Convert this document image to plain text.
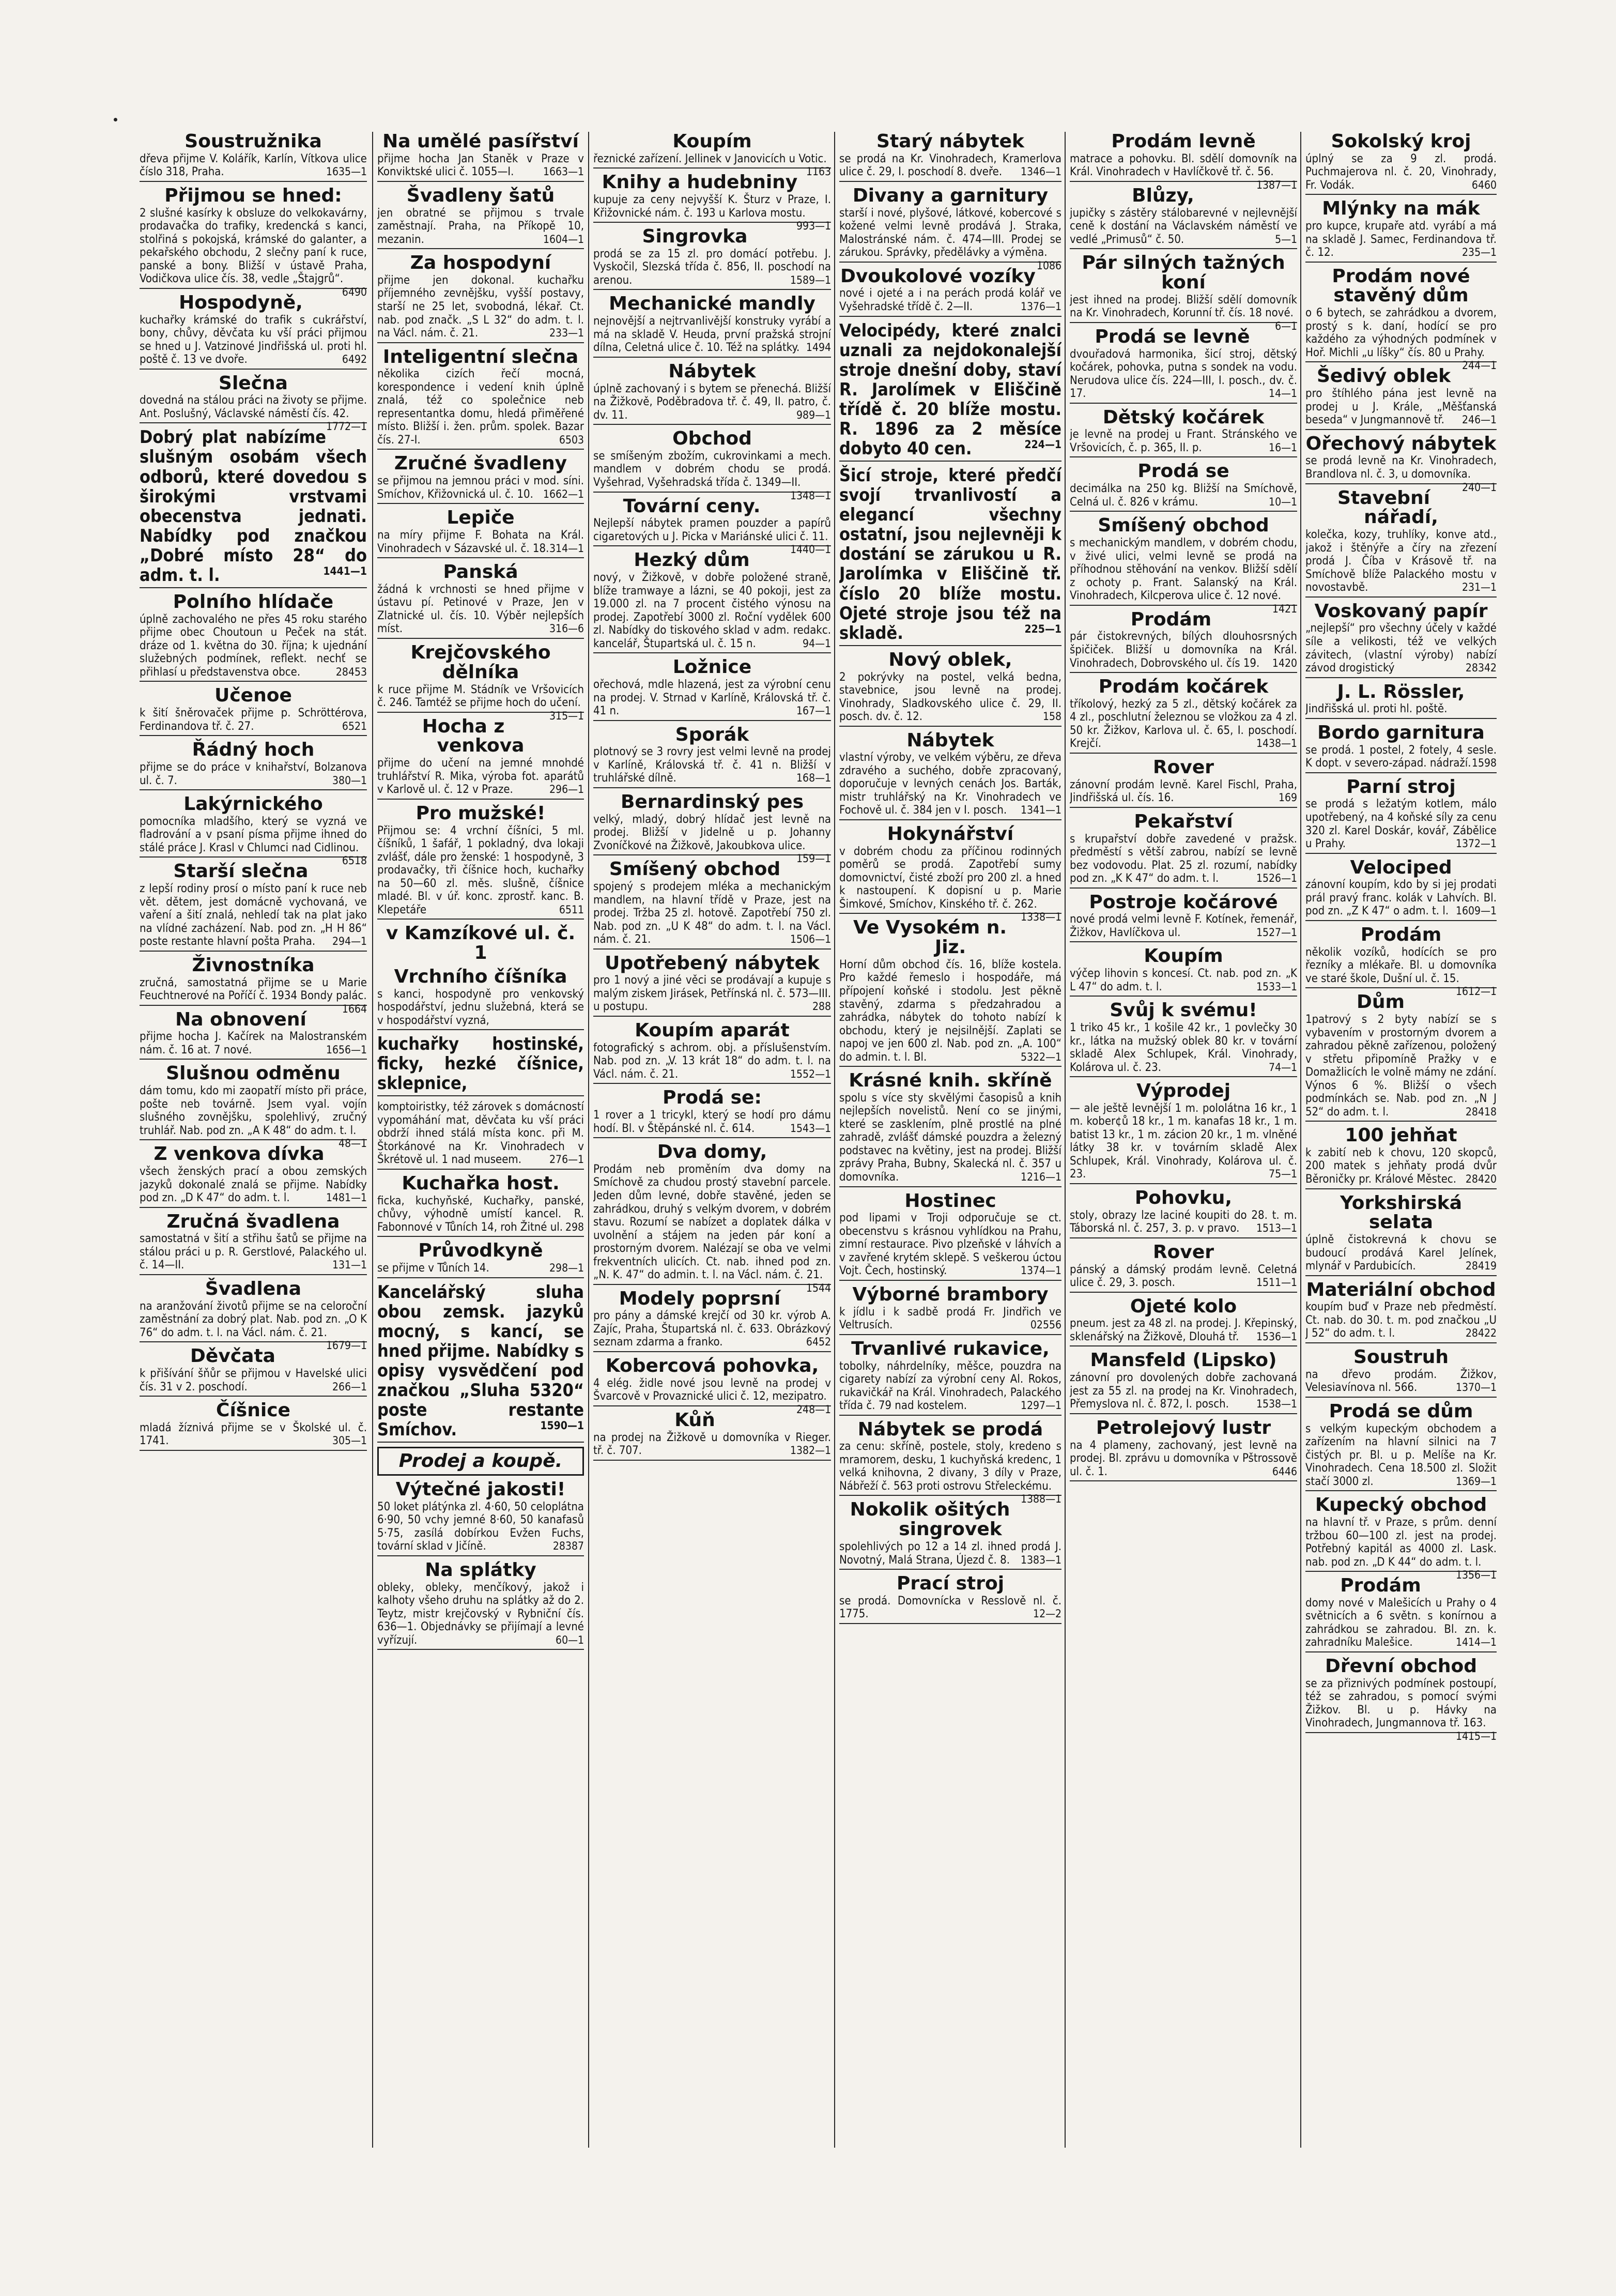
Soustružnika
dřeva přijme V. Kolářík, Karlín, Vítkova ulice číslo 318, Praha.	1635—1
Přijmou se hned:
2 slušné kasírky k obsluze do velkokavárny, prodavačka do trafiky, kredencká s kanci, stolřiná s pokojská, krámské do galanter, a pekařského obchodu, 2 slečny paní k ruce, panské a bony. Bližší v ústavě Praha, Vodičkova ulice čís. 38, vedle „Štajgrů“.
6490
Hospodyně,
kuchařky krámské do trafik s cukrářství, bony, chůvy, děvčata ku vší práci přijmou se hned u J. Vatzinové Jindřišská ul. proti hl. poště č. 13 ve dvoře.	6492
Slečna
dovedná na stálou práci na životy se přijme. Ant. Poslušný, Václavské náměstí čís. 42.
1772—1
Dobrý plat nabízíme slušným osobám všech odborů, které dovedou s širokými vrstvami obecenstva jednati. Nabídky pod značkou „Dobré místo 28“ do adm. t. l.	1441—1
Polního hlídače
úplně zachovalého ne přes 45 roku starého přijme obec Choutoun u Peček na stát. dráze od 1. května do 30. října; k ujednání služebných podmínek, reflekt. nechť se přihlasí u představenstva obce.	28453
Učenoe
k šití šněrovaček přijme p. Schröttérova, Ferdinandova tř. č. 27.	6521
Řádný hoch
přijme se do práce v knihařství, Bolzanova ul. č. 7.	380—1
Lakýrnického
pomocníka mladšího, který se vyzná ve fladrování a v psaní písma přijme ihned do stálé práce J. Krasl v Chlumci nad Cidlinou.
6518
Starší slečna
z lepší rodiny prosí o místo paní k ruce neb vět. dětem, jest domácně vychovaná, ve vaření a šití znalá, nehledí tak na plat jako na vlídné zacházení. Nab. pod zn. „H H 86“ poste restante hlavní pošta Praha. 294—1
Živnostníka
zručná, samostatná přijme se u Marie Feuchtnerové na Poříčí č. 1934 Bondy palác.
1664
Na obnovení
přijme hocha J. Kačírek na Malostranském nám. č. 16 at. 7 nové.	1656—1
Slušnou odměnu
dám tomu, kdo mi zaopatří místo při práce, pošte neb továrně. Jsem vyal. vojín slušného zovnějšku, spolehlivý, zručný truhlář. Nab. pod zn. „A K 48“ do adm. t. l.
48—1
Z venkova dívka
všech ženských prací a obou zemských jazyků dokonalé znalá se přijme. Nabídky pod zn. „D K 47“ do adm. t. l.	1481—1
Zručná švadlena
samostatná v šití a střihu šatů se přijme na stálou práci u p. R. Gerstlové, Palackého ul. č. 14—II.	131—1
Švadlena
na aranžování životů přijme se na celoroční zaměstnání za dobrý plat. Nab. pod zn. „O K 76“ do adm. t. l. na Václ. nám. č. 21.
1679—1
Děvčata
k přišívání šňůr se přijmou v Havelské ulici čís. 31 v 2. poschodí.	266—1
Číšnice
mladá žíznivá přijme se v Školské ul. č. 1741.	305—1
Na umělé pasířství
přijme hocha Jan Staněk v Praze v Konviktské ulici č. 1055—I.	1663—1
Švadleny šatů
jen obratné se přijmou s trvale zaměstnají. Praha, na Příkopě 10, mezanin.	1604—1
Za hospodyní
přijme jen dokonal. kuchařku příjemného zevnějšku, vyšší postavy, starší ne 25 let, svobodná, lékař. Ct. nab. pod značk. „S L 32“ do adm. t. l. na Václ. nám. č. 21.	233—1
Inteligentní slečna
několika cizích řečí mocná, korespondence i vedení knih úplně znalá, též co společnice neb representantka domu, hledá přiměřené místo. Bližší i. žen. prům. spolek. Bazar čís. 27-I.	6503
Zručné švadleny
se přijmou na jemnou práci v mod. síni. Smíchov, Křižovnická ul. č. 10. 1662—1
Lepiče
na míry přijme F. Bohata na Král. Vinohradech v Sázavské ul. č. 18. 314—1
Panská
žádná k vrchnosti se hned přijme v ústavu pí. Petinové v Praze, Jen v Zlatnické ul. čís. 10. Výběr nejlepších míst.	316—6
Krejčovského dělníka
k ruce přijme M. Stádník ve Vršovicích č. 246. Tamtéž se přijme hoch do učení.
315—1
Hocha z venkova
přijme do učení na jemné mnohdé truhlářství R. Mika, výroba fot. aparátů v Karlově ul. č. 12 v Praze.	296—1
Pro mužské!
Přijmou se: 4 vrchní číšníci, 5 ml. číšníků, 1 šafář, 1 pokladný, dva lokaji zvlášť, dále pro ženské: 1 hospodyně, 3 prodavačky, tři číšnice hoch, kuchařky na 50—60 zl. měs. slušně, číšnice mladé. Bl. v úř. konc. zprostř. kanc. B. Klepetáře	6511
v Kamzíkové ul. č. 1
Vrchního číšníka
s kanci, hospodyně pro venkovský hospodářství, jednu služebná, která se v hospodářství vyzná,
kuchařky hostinské, ficky, hezké číšnice, sklepnice,
komptoiristky, též zárovek s domácností vypomáhání mat, děvčata ku vší práci obdrží ihned stálá místa konc. při M. Štorkánové na Kr. Vinohradech v Škrétově ul. 1 nad museem.	276—1
Kuchařka host.
ficka, kuchyňské, Kuchařky, panské, chůvy, výhodně umístí kancel. R. Fabonnové v Tůních 14, roh Žitné ul. 298
Průvodkyně
se přijme v Tůních 14.	298—1
Kancelářský sluha obou zemsk. jazyků mocný, s kancí, se hned přijme. Nabídky s opisy vysvědčení pod značkou „Sluha 5320“ poste restante Smíchov.	1590—1
Prodej a koupě.
Výtečné jakosti!
50 loket plátýnka zl. 4·60, 50 celoplátna 6·90, 50 vchy jemné 8·60, 50 kanafasů 5·75, zasílá dobírkou Evžen Fuchs, tovární sklad v Jičíně.	28387
Na splátky
obleky, obleky, menčíkový, jakož i kalhoty všeho druhu na splátky až do 2. Teytz, mistr krejčovský v Rybniční čís. 636—1. Objednávky se přijímají a levné vyřízují.	60—1
Koupím
řeznické zařízení. Jellinek v Janovicích u Votic.
1163
Knihy a hudebniny
kupuje za ceny nejvyšší K. Šturz v Praze, I. Křižovnické nám. č. 193 u Karlova mostu.
993—1
Singrovka
prodá se za 15 zl. pro domácí potřebu. J. Vyskočil, Slezská třída č. 856, II. poschodí na arenou.	1589—1
Mechanické mandly
nejnovější a nejtrvanlivější konstruky vyrábí a má na skladě V. Heuda, první pražská strojní dílna, Celetná ulice č. 10. Též na splátky. 1494
Nábytek
úplně zachovaný i s bytem se přenechá. Bližší na Žižkově, Poděbradova tř. č. 49, II. patro, č. dv. 11.	989—1
Obchod
se smíšeným zbožím, cukrovinkami a mech. mandlem v dobrém chodu se prodá. Vyšehrad, Vyšehradská třída č. 1349—II.
1348—1
Tovární ceny.
Nejlepší nábytek pramen pouzder a papírů cigaretových u J. Picka v Mariánské ulici č. 11.
1440—1
Hezký dům
nový, v Žižkově, v dobře položené straně, blíže tramwaye a lázni, se 40 pokoji, jest za 19.000 zl. na 7 procent čistého výnosu na prodej. Zapotřebí 3000 zl. Roční vydělek 600 zl. Nabídky do tiskového sklad v adm. redakc. kancelář, Štupartská ul. č. 15 n.	94—1
Ložnice
ořechová, mdle hlazená, jest za výrobní cenu na prodej. V. Strnad v Karlíně, Královská tř. č. 41 n.	167—1
Sporák
plotnový se 3 rovry jest velmi levně na prodej v Karlíně, Královská tř. č. 41 n. Bližší v truhlářské dílně.	168—1
Bernardinský pes
velký, mladý, dobrý hlídač jest levně na prodej. Bližší v Jidelně u p. Johanny Zvoníčkové na Žižkově, Jakoubkova ulice.
159—1
Smíšený obchod
spojený s prodejem mléka a mechanickým mandlem, na hlavní třídě v Praze, jest na prodej. Tržba 25 zl. hotově. Zapotřebí 750 zl. Nab. pod zn. „U K 48“ do adm. t. l. na Václ. nám. č. 21.	1506—1
Upotřebený nábytek
pro 1 nový a jiné věci se prodávají a kupuje s malým ziskem Jirásek, Petřínská nl. č. 573—III. u postupu.	288
Koupím aparát
fotografický s achrom. obj. a příslušenstvím. Nab. pod zn. „V. 13 krát 18“ do adm. t. l. na Václ. nám. č. 21.	1552—1
Prodá se:
1 rover a 1 tricykl, který se hodí pro dámu hodí. Bl. v Štěpánské nl. č. 614.	1543—1
Dva domy,
Prodám neb proměním dva domy na Smíchově za chudou prostý stavební parcele. Jeden dům levné, dobře stavěné, jeden se zahrádkou, druhý s velkým dvorem, v dobrém stavu. Rozumí se nabízet a doplatek dálka v uvolnění a stájem na jeden pár koní a prostorným dvorem. Nalézají se oba ve velmi frekventních ulicích. Ct. nab. ihned pod zn. „N. K. 47“ do admin. t. l. na Václ. nám. č. 21.
1544
Modely poprsní
pro pány a dámské krejčí od 30 kr. výrob A. Zajíc, Praha, Štupartská nl. č. 633. Obrázkový seznam zdarma a franko.	6452
Kobercová pohovka,
4 elég. židle nové jsou levně na prodej v Švarcově v Provaznické ulici č. 12, mezipatro.
248—1
Kůň
na prodej na Žižkově u domovníka v Rieger. tř. č. 707.	1382—1
Starý nábytek
se prodá na Kr. Vinohradech, Kramerlova ulice č. 29, I. poschodí 8. dveře. 1346—1
Divany a garnitury
starší i nové, plyšové, látkové, kobercové s kožené velmi levně prodává J. Straka, Malostránské nám. č. 474—III. Prodej se zárukou. Správky, předělávky a výměna.
1086
Dvoukolové vozíky
nové i ojeté a i na perách prodá kolář ve Vyšehradské třídě č. 2—II.	1376—1
Velocipédy, které znalci uznali za nejdokonalejší stroje dnešní doby, staví R. Jarolímek v Eliščině třídě č. 20 blíže mostu. R. 1896 za 2 měsíce dobyto 40 cen.	224—1
Šicí stroje, které předčí svojí trvanlivostí a elegancí všechny ostatní, jsou nejlevněji k dostání se zárukou u R. Jarolímka v Eliščině tř. číslo 20 blíže mostu. Ojeté stroje jsou též na skladě.	225—1
Nový oblek,
2 pokrývky na postel, velká bedna, stavebnice, jsou levně na prodej. Vinohrady, Sladkovského ulice č. 29, II. posch. dv. č. 12.	158
Nábytek
vlastní výroby, ve velkém výběru, ze dřeva zdravého a suchého, dobře zpracovaný, doporučuje v levných cenách Jos. Barták, mistr truhlářský na Kr. Vinohradech ve Fochově ul. č. 384 jen v I. posch. 1341—1
Hokynářství
v dobrém chodu za příčinou rodinných poměrů se prodá. Zapotřebí sumy domovnictví, čisté zboží pro 200 zl. a hned k nastoupení. K dopisní u p. Marie Šimkové, Smíchov, Kinského tř. č. 262.
1338—1
Ve Vysokém n. Jiz.
Horní dům obchod čís. 16, blíže kostela. Pro každé řemeslo i hospodáře, má přípojení koňské i stodolu. Jest pěkně stavěný, zdarma s předzahradou a zahrádka, nábytek do tohoto nabízí k obchodu, který je nejsilnější. Zaplati se napoj ve jen 600 zl. Nab. pod zn. „A. 100“ do admin. t. l. Bl.	5322—1
Krásné knih. skříně
spolu s více sty skvělými časopisů a knih nejlepších novelistů. Není co se jinými, které se zasklením, plně prostlé na plné zahradě, zvlášť dámské pouzdra a železný podstavec na květiny, jest na prodej. Bližší zprávy Praha, Bubny, Skalecká nl. č. 357 u domovníka.	1216—1
Hostinec
pod lipami v Troji odporučuje se ct. obecenstvu s krásnou vyhlídkou na Prahu, zimní restaurace. Pivo plzeňské v láhvích a v zavřené krytém sklepě. S veškerou úctou Vojt. Čech, hostinský.	1374—1
Výborné brambory
k jídlu i k sadbě prodá Fr. Jindřich ve Veltrusích.	02556
Trvanlivé rukavice,
tobolky, náhrdelníky, měšce, pouzdra na cigarety nabízí za výrobní ceny Al. Rokos, rukavičkář na Král. Vinohradech, Palackého třída č. 79 nad kostelem.	1297—1
Nábytek se prodá
za cenu: skříně, postele, stoly, kredeno s mramorem, desku, 1 kuchyňská kredenc, 1 velká knihovna, 2 divany, 3 díly v Praze, Nábřeží č. 563 proti ostrovu Střeleckému.
1388—1
Nokolik ošitých singrovek
spolehlivých po 12 a 14 zl. ihned prodá J. Novotný, Malá Strana, Újezd č. 8. 1383—1
Prací stroj
se prodá. Domovnícka v Resslově nl. č. 1775.	12—2
Prodám levně
matrace a pohovku. Bl. sdělí domovník na Král. Vinohradech v Havlíčkově tř. č. 56.
1387—1
Blůzy,
jupičky s zástěry stálobarevné v nejlevnější ceně k dostání na Václavském náměstí ve vedlé „Primusů“ č. 50.	5—1
Pár silných tažných koní
jest ihned na prodej. Bližší sdělí domovník na Kr. Vinohradech, Korunní tř. čís. 18 nové.
6—1
Prodá se levně
dvouřadová harmonika, šicí stroj, dětský kočárek, pohovka, putna s sondek na vodu. Nerudova ulice čís. 224—III, I. posch., dv. č. 17.	14—1
Dětský kočárek
je levně na prodej u Frant. Stránského ve Vršovicích, č. p. 365, II. p.	16—1
Prodá se
decimálka na 250 kg. Bližší na Smíchově, Celná ul. č. 826 v krámu.	10—1
Smíšený obchod
s mechanickým mandlem, v dobrém chodu, v živé ulici, velmi levně se prodá na příhodnou stěhování na venkov. Bližší sdělí z ochoty p. Frant. Salanský na Král. Vinohradech, Kilcperova ulice č. 12 nové.
1421
Prodám
pár čistokrevných, bílých dlouhosrsných špičiček. Bližší u domovníka na Král. Vinohradech, Dobrovského ul. čís 19. 1420
Prodám kočárek
tříkolový, hezký za 5 zl., dětský kočárek za 4 zl., poschlutní železnou se vložkou za 4 zl. 50 kr. Žižkov, Karlova ul. č. 65, I. poschodí. Krejčí.	1438—1
Rover
zánovní prodám levně. Karel Fischl, Praha, Jindřišská ul. čís. 16.	169
Pekařství
s krupařství dobře zavedené v pražsk. předměstí s větší zabrou, nabízí se levně bez vodovodu. Plat. 25 zl. rozumí, nabídky pod zn. „K K 47“ do adm. t. l.	1526—1
Postroje kočárové
nové prodá velmi levně F. Kotínek, řemenář, Žižkov, Havlíčkova ul.	1527—1
Koupím
výčep lihovin s koncesí. Ct. nab. pod zn. „K L 47“ do adm. t. l.	1533—1
Svůj k svému!
1 triko 45 kr., 1 košile 42 kr., 1 povlečky 30 kr., látka na mužský oblek 80 kr. v tovární skladě Alex Schlupek, Král. Vinohrady, Kolárova ul. č. 23.	74—1
Výprodej
— ale ještě levnější 1 m. pololátna 16 kr., 1 m. kober¢ů 18 kr., 1 m. kanafas 18 kr., 1 m. batist 13 kr., 1 m. zácion 20 kr., 1 m. vlněné látky 38 kr. v továrním skladě Alex Schlupek, Král. Vinohrady, Kolárova ul. č. 23.	75—1
Pohovku,
stoly, obrazy lze laciné koupiti do 28. t. m. Táborská nl. č. 257, 3. p. v pravo. 1513—1
Rover
pánský a dámský prodám levně. Celetná ulice č. 29, 3. posch.	1511—1
Ojeté kolo
pneum. jest za 48 zl. na prodej. J. Křepinský, sklenářský na Žižkově, Dlouhá tř. 1536—1
Mansfeld (Lipsko)
zánovní pro dovolených dobře zachovaná jest za 55 zl. na prodej na Kr. Vinohradech, Přemyslova nl. č. 872, I. posch.	1538—1
Petrolejový lustr
na 4 plameny, zachovaný, jest levně na prodej. Bl. zprávu u domovníka v Pštrossově ul. č. 1.	6446
Sokolský kroj
úplný se za 9 zl. prodá. Puchmajerova nl. č. 20, Vinohrady, Fr. Vodák.	6460
Mlýnky na mák
pro kupce, krupaře atd. vyrábí a má na skladě J. Samec, Ferdinandova tř. č. 12.	235—1
Prodám nové stavěný dům
o 6 bytech, se zahrádkou a dvorem, prostý s k. daní, hodící se pro každého za výhodných podmínek v Hoř. Michli „u líšky“ čís. 80 u Prahy.
244—1
Šedivý oblek
pro štíhlého pána jest levně na prodej u J. Krále, „Měšťanská beseda“ v Jungmannově tř. 246—1
Ořechový nábytek
se prodá levně na Kr. Vinohradech, Brandlova nl. č. 3, u domovníka.
240—1
Stavební nářadí,
kolečka, kozy, truhlíky, konve atd., jakož i štěnýře a číry na zřezení prodá J. Číba v Krásově tř. na Smíchově blíže Palackého mostu v novostavbě.	231—1
Voskovaný papír
„nejlepší“ pro všechny účely v každé síle a velikosti, též ve velkých závitech, (vlastní výroby) nabízí závod drogistický	28342
J. L. Rössler,
Jindřišská ul. proti hl. poště.
Bordo garnitura
se prodá. 1 postel, 2 fotely, 4 sesle. K dopt. v severo-západ. nádraží. 1598
Parní stroj
se prodá s ležatým kotlem, málo upotřebený, na 4 koňské síly za cenu 320 zl. Karel Doskár, kovář, Zábělice u Prahy.	1372—1
Velociped
zánovní koupím, kdo by si jej prodati prál pravý franc. kolák v Lahvích. Bl. pod zn. „Z K 47“ o adm. t. l. 1609—1
Prodám
několik vozíků, hodících se pro řezníky a mlékaře. Bl. u domovníka ve staré škole, Dušní ul. č. 15.
1612—1
Dům
1patrový s 2 byty nabízí se s vybavením v prostorným dvorem a zahradou pěkně zařízenou, položený v střetu připomíně Pražky v e Domažlicích le volně mámy ne zdání. Výnos 6 %. Bližší o všech podmínkách se. Nab. pod zn. „N J 52“ do adm. t. l.	28418
100 jehňat
k zabití neb k chovu, 120 skopců, 200 matek s jehňaty prodá dvůr Běroničky pr. Králové Městec. 28420
Yorkshirská selata
úplně čistokrevná k chovu se budoucí prodává Karel Jelínek, mlynář v Pardubicích.	28419
Materiální obchod
koupím buď v Praze neb předměstí. Ct. nab. do 30. t. m. pod značkou „U J 52“ do adm. t. l.	28422
Soustruh
na dřevo prodám. Žižkov, Velesiavínova nl. 566.	1370—1
Prodá se dům
s velkým kupeckým obchodem a zařízením na hlavní silnici na 7 čistých pr. Bl. u p. Melíše na Kr. Vinohradech. Cena 18.500 zl. Složit stačí 3000 zl.	1369—1
Kupecký obchod
na hlavní tř. v Praze, s prům. denní tržbou 60—100 zl. jest na prodej. Potřebný kapitál as 4000 zl. Lask. nab. pod zn. „D K 44“ do adm. t. l.
1356—1
Prodám
domy nové v Malešicích u Prahy o 4 světnicích a 6 světn. s konírnou a zahrádkou se zahradou. Bl. zn. k. zahradníku Malešice.	1414—1
Dřevní obchod
se za přiznivých podmínek postoupí, též se zahradou, s pomocí svými Žižkov. Bl. u p. Hávky na Vinohradech, Jungmannova tř. 163.
1415—1
